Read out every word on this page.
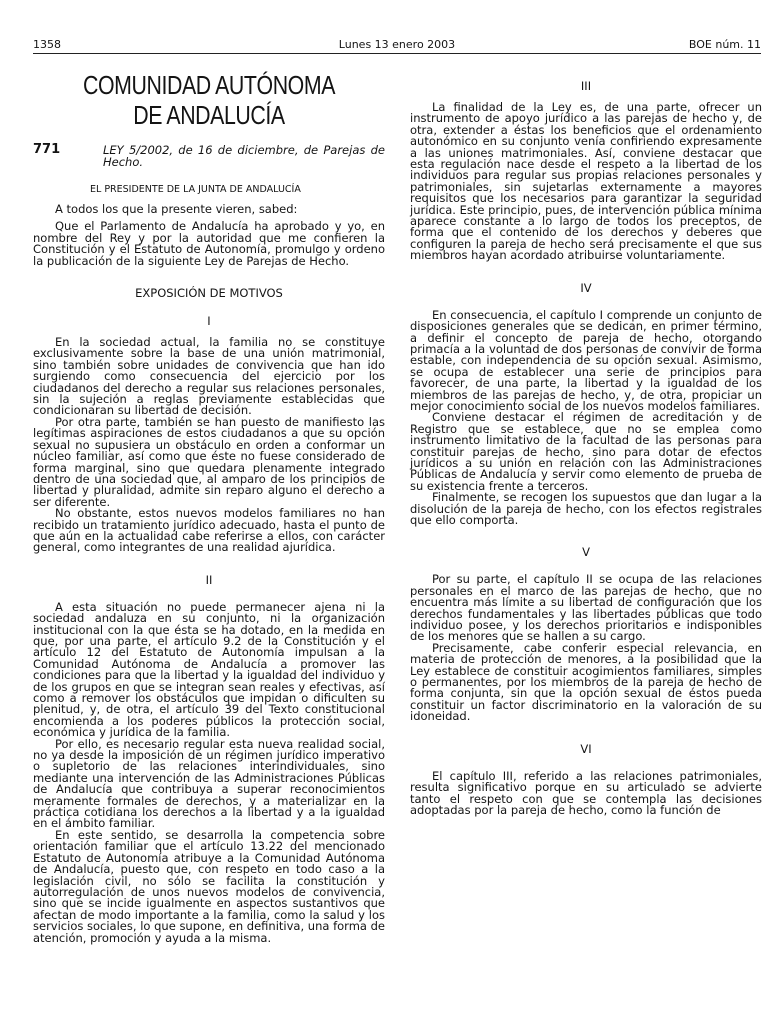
1358	Lunes 13 enero 2003	BOE núm. 11
COMUNIDAD AUTÓNOMA
DE ANDALUCÍA
771	LEY 5/2002, de 16 de diciembre, de Parejas de Hecho.
EL PRESIDENTE DE LA JUNTA DE ANDALUCÍA

A todos los que la presente vieren, sabed:

Que el Parlamento de Andalucía ha aprobado y yo, en nombre del Rey y por la autoridad que me confieren la Constitución y el Estatuto de Autonomía, promulgo y ordeno la publicación de la siguiente Ley de Parejas de Hecho.

EXPOSICIÓN DE MOTIVOS
I

En la sociedad actual, la familia no se constituye exclusivamente sobre la base de una unión matrimonial, sino también sobre unidades de convivencia que han ido surgiendo como consecuencia del ejercicio por los ciudadanos del derecho a regular sus relaciones personales, sin la sujeción a reglas previamente establecidas que condicionaran su libertad de decisión.

Por otra parte, también se han puesto de manifiesto las legítimas aspiraciones de estos ciudadanos a que su opción sexual no supusiera un obstáculo en orden a conformar un núcleo familiar, así como que éste no fuese considerado de forma marginal, sino que quedara plenamente integrado dentro de una sociedad que, al amparo de los principios de libertad y pluralidad, admite sin reparo alguno el derecho a ser diferente.

No obstante, estos nuevos modelos familiares no han recibido un tratamiento jurídico adecuado, hasta el punto de que aún en la actualidad cabe referirse a ellos, con carácter general, como integrantes de una realidad ajurídica.

II

A esta situación no puede permanecer ajena ni la sociedad andaluza en su conjunto, ni la organización institucional con la que ésta se ha dotado, en la medida en que, por una parte, el artículo 9.2 de la Constitución y el artículo 12 del Estatuto de Autonomía impulsan a la Comunidad Autónoma de Andalucía a promover las condiciones para que la libertad y la igualdad del individuo y de los grupos en que se integran sean reales y efectivas, así como a remover los obstáculos que impidan o dificulten su plenitud, y, de otra, el artículo 39 del Texto constitucional encomienda a los poderes públicos la protección social, económica y jurídica de la familia.

Por ello, es necesario regular esta nueva realidad social, no ya desde la imposición de un régimen jurídico imperativo o supletorio de las relaciones interindividuales, sino mediante una intervención de las Administraciones Públicas de Andalucía que contribuya a superar reconocimientos meramente formales de derechos, y a materializar en la práctica cotidiana los derechos a la libertad y a la igualdad en el ámbito familiar.

En este sentido, se desarrolla la competencia sobre orientación familiar que el artículo 13.22 del mencionado Estatuto de Autonomía atribuye a la Comunidad Autónoma de Andalucía, puesto que, con respeto en todo caso a la legislación civil, no sólo se facilita la constitución y autorregulación de unos nuevos modelos de convivencia, sino que se incide igualmente en aspectos sustantivos que afectan de modo importante a la familia, como la salud y los servicios sociales, lo que supone, en definitiva, una forma de atención, promoción y ayuda a la misma.

III

La finalidad de la Ley es, de una parte, ofrecer un instrumento de apoyo jurídico a las parejas de hecho y, de otra, extender a éstas los beneficios que el ordenamiento autonómico en su conjunto venía confiriendo expresamente a las uniones matrimoniales. Así, conviene destacar que esta regulación nace desde el respeto a la libertad de los individuos para regular sus propias relaciones personales y patrimoniales, sin sujetarlas externamente a mayores requisitos que los necesarios para garantizar la seguridad jurídica. Este principio, pues, de intervención pública mínima aparece constante a lo largo de todos los preceptos, de forma que el contenido de los derechos y deberes que configuren la pareja de hecho será precisamente el que sus miembros hayan acordado atribuirse voluntariamente.

IV

En consecuencia, el capítulo I comprende un conjunto de disposiciones generales que se dedican, en primer término, a definir el concepto de pareja de hecho, otorgando primacía a la voluntad de dos personas de convivir de forma estable, con independencia de su opción sexual. Asimismo, se ocupa de establecer una serie de principios para favorecer, de una parte, la libertad y la igualdad de los miembros de las parejas de hecho, y, de otra, propiciar un mejor conocimiento social de los nuevos modelos familiares.

Conviene destacar el régimen de acreditación y de Registro que se establece, que no se emplea como instrumento limitativo de la facultad de las personas para constituir parejas de hecho, sino para dotar de efectos jurídicos a su unión en relación con las Administraciones Públicas de Andalucía y servir como elemento de prueba de su existencia frente a terceros.

Finalmente, se recogen los supuestos que dan lugar a la disolución de la pareja de hecho, con los efectos registrales que ello comporta.

V

Por su parte, el capítulo II se ocupa de las relaciones personales en el marco de las parejas de hecho, que no encuentra más límite a su libertad de configuración que los derechos fundamentales y las libertades públicas que todo individuo posee, y los derechos prioritarios e indisponibles de los menores que se hallen a su cargo.

Precisamente, cabe conferir especial relevancia, en materia de protección de menores, a la posibilidad que la Ley establece de constituir acogimientos familiares, simples o permanentes, por los miembros de la pareja de hecho de forma conjunta, sin que la opción sexual de éstos pueda constituir un factor discriminatorio en la valoración de su idoneidad.

VI

El capítulo III, referido a las relaciones patrimoniales, resulta significativo porque en su articulado se advierte tanto el respeto con que se contempla las decisiones adoptadas por la pareja de hecho, como la función de
